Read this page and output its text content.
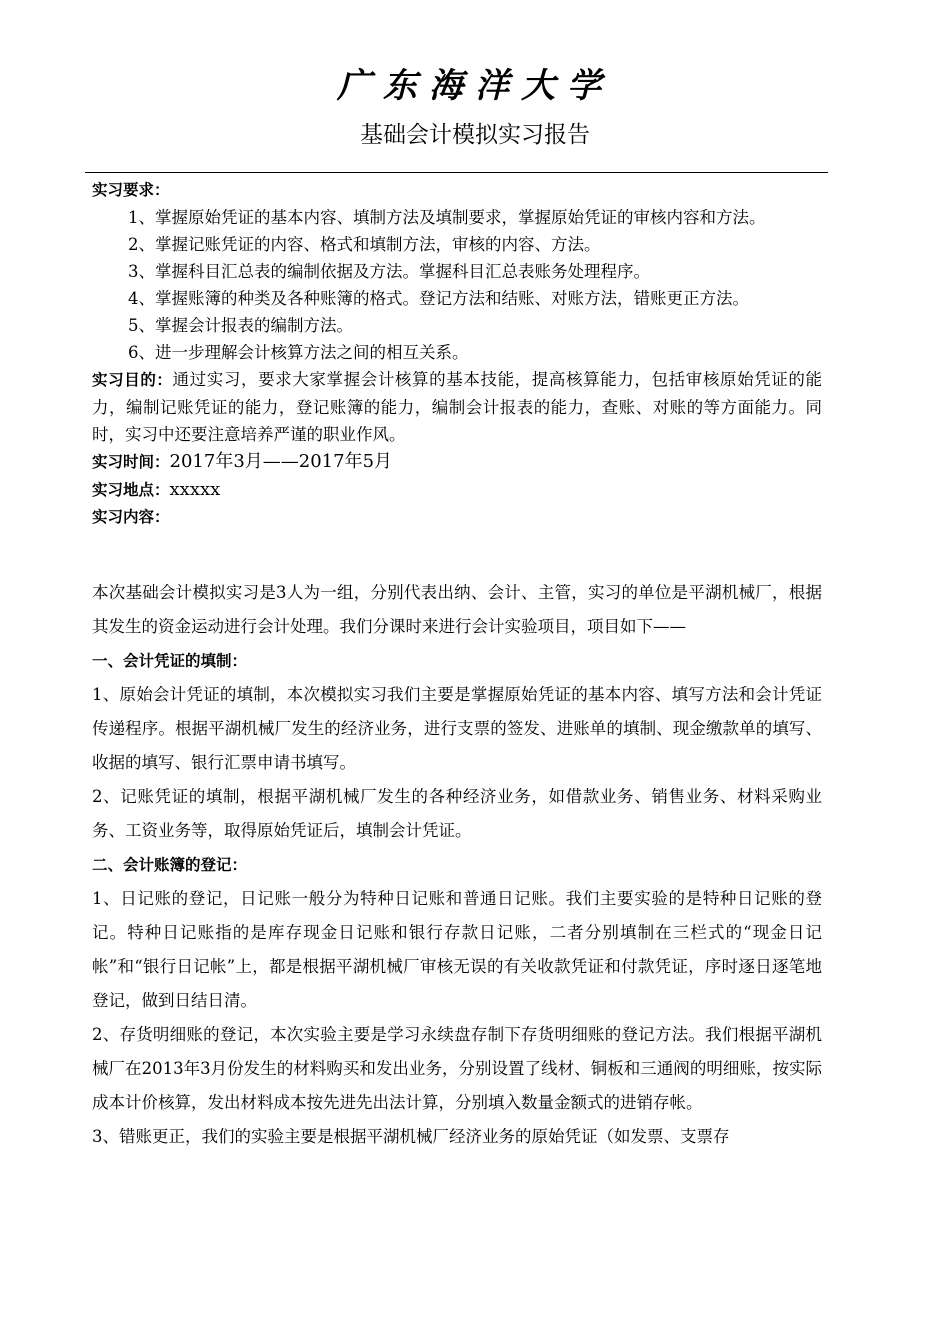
广东海洋大学
基础会计模拟实习报告

实习要求：

1、掌握原始凭证的基本内容、填制方法及填制要求，掌握原始凭证的审核内容和方法。

2、掌握记账凭证的内容、格式和填制方法，审核的内容、方法。

3、掌握科目汇总表的编制依据及方法。掌握科目汇总表账务处理程序。

4、掌握账簿的种类及各种账簿的格式。登记方法和结账、对账方法，错账更正方法。

5、掌握会计报表的编制方法。

6、进一步理解会计核算方法之间的相互关系。

实习目的：通过实习，要求大家掌握会计核算的基本技能，提高核算能力，包括审核原始凭证的能力，编制记账凭证的能力，登记账簿的能力，编制会计报表的能力，查账、对账的等方面能力。同时，实习中还要注意培养严谨的职业作风。

实习时间：2017年3月——2017年5月

实习地点：xxxxx

实习内容：

本次基础会计模拟实习是3人为一组，分别代表出纳、会计、主管，实习的单位是平湖机械厂，根据其发生的资金运动进行会计处理。我们分课时来进行会计实验项目，项目如下——

一、会计凭证的填制：

1、原始会计凭证的填制，本次模拟实习我们主要是掌握原始凭证的基本内容、填写方法和会计凭证传递程序。根据平湖机械厂发生的经济业务，进行支票的签发、进账单的填制、现金缴款单的填写、收据的填写、银行汇票申请书填写。

2、记账凭证的填制，根据平湖机械厂发生的各种经济业务，如借款业务、销售业务、材料采购业务、工资业务等，取得原始凭证后，填制会计凭证。

二、会计账簿的登记：

1、日记账的登记，日记账一般分为特种日记账和普通日记账。我们主要实验的是特种日记账的登记。特种日记账指的是库存现金日记账和银行存款日记账，二者分别填制在三栏式的“现金日记帐”和“银行日记帐”上，都是根据平湖机械厂审核无误的有关收款凭证和付款凭证，序时逐日逐笔地登记，做到日结日清。

2、存货明细账的登记，本次实验主要是学习永续盘存制下存货明细账的登记方法。我们根据平湖机械厂在2013年3月份发生的材料购买和发出业务，分别设置了线材、铜板和三通阀的明细账，按实际成本计价核算，发出材料成本按先进先出法计算，分别填入数量金额式的进销存帐。

3、错账更正，我们的实验主要是根据平湖机械厂经济业务的原始凭证（如发票、支票存
